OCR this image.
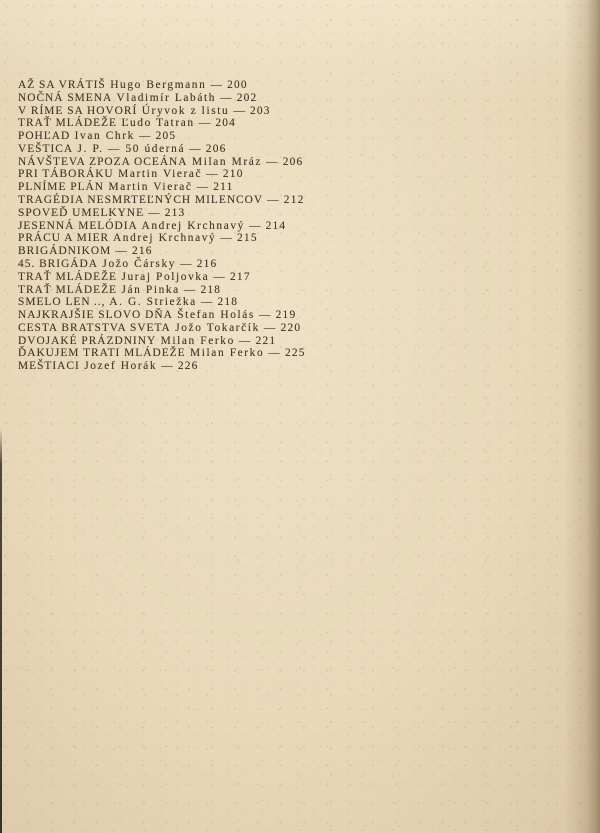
AŽ SA VRÁTIŠ Hugo Bergmann — 200
NOČNÁ SMENA Vladimír Labáth — 202
V RÍME SA HOVORÍ Úryvok z listu — 203
TRAŤ MLÁDEŽE Ľudo Tatran — 204
POHĽAD Ivan Chrk — 205
VEŠTICA J. P. — 50 úderná — 206
NÁVŠTEVA ZPOZA OCEÁNA Milan Mráz — 206
PRI TÁBORÁKU Martin Vierač — 210
PLNÍME PLÁN Martin Vierač — 211
TRAGÉDIA NESMRTEĽNÝCH MILENCOV — 212
SPOVEĎ UMELKYNE — 213
JESENNÁ MELÓDIA Andrej Krchnavý — 214
PRÁCU A MIER Andrej Krchnavý — 215
BRIGÁDNIKOM — 216
45. BRIGÁDA Jožo Čársky — 216
TRAŤ MLÁDEŽE Juraj Poljovka — 217
TRAŤ MLÁDEŽE Ján Pinka — 218
SMELO LEN .., A. G. Striežka — 218
NAJKRAJŠIE SLOVO DŇA Štefan Holás — 219
CESTA BRATSTVA SVETA Jožo Tokarčík — 220
DVOJAKÉ PRÁZDNINY Milan Ferko — 221
ĎAKUJEM TRATI MLÁDEŽE Milan Ferko — 225
MEŠTIACI Jozef Horák — 226
